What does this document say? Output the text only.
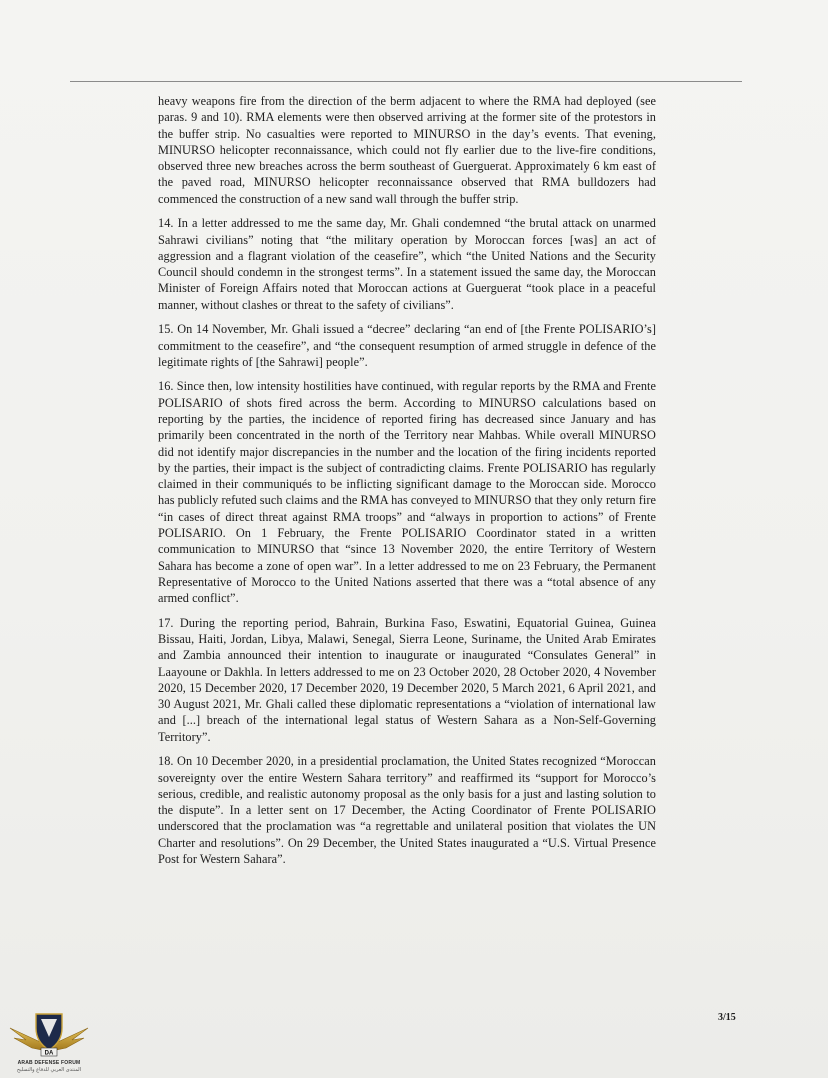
heavy weapons fire from the direction of the berm adjacent to where the RMA had deployed (see paras. 9 and 10). RMA elements were then observed arriving at the former site of the protestors in the buffer strip. No casualties were reported to MINURSO in the day’s events. That evening, MINURSO helicopter reconnaissance, which could not fly earlier due to the live-fire conditions, observed three new breaches across the berm southeast of Guerguerat. Approximately 6 km east of the paved road, MINURSO helicopter reconnaissance observed that RMA bulldozers had commenced the construction of a new sand wall through the buffer strip.

14. In a letter addressed to me the same day, Mr. Ghali condemned “the brutal attack on unarmed Sahrawi civilians” noting that “the military operation by Moroccan forces [was] an act of aggression and a flagrant violation of the ceasefire”, which “the United Nations and the Security Council should condemn in the strongest terms”. In a statement issued the same day, the Moroccan Minister of Foreign Affairs noted that Moroccan actions at Guerguerat “took place in a peaceful manner, without clashes or threat to the safety of civilians”.

15. On 14 November, Mr. Ghali issued a “decree” declaring “an end of [the Frente POLISARIO’s] commitment to the ceasefire”, and “the consequent resumption of armed struggle in defence of the legitimate rights of [the Sahrawi] people”.

16. Since then, low intensity hostilities have continued, with regular reports by the RMA and Frente POLISARIO of shots fired across the berm. According to MINURSO calculations based on reporting by the parties, the incidence of reported firing has decreased since January and has primarily been concentrated in the north of the Territory near Mahbas. While overall MINURSO did not identify major discrepancies in the number and the location of the firing incidents reported by the parties, their impact is the subject of contradicting claims. Frente POLISARIO has regularly claimed in their communiqués to be inflicting significant damage to the Moroccan side. Morocco has publicly refuted such claims and the RMA has conveyed to MINURSO that they only return fire “in cases of direct threat against RMA troops” and “always in proportion to actions” of Frente POLISARIO. On 1 February, the Frente POLISARIO Coordinator stated in a written communication to MINURSO that “since 13 November 2020, the entire Territory of Western Sahara has become a zone of open war”. In a letter addressed to me on 23 February, the Permanent Representative of Morocco to the United Nations asserted that there was a “total absence of any armed conflict”.

17. During the reporting period, Bahrain, Burkina Faso, Eswatini, Equatorial Guinea, Guinea Bissau, Haiti, Jordan, Libya, Malawi, Senegal, Sierra Leone, Suriname, the United Arab Emirates and Zambia announced their intention to inaugurate or inaugurated “Consulates General” in Laayoune or Dakhla. In letters addressed to me on 23 October 2020, 28 October 2020, 4 November 2020, 15 December 2020, 17 December 2020, 19 December 2020, 5 March 2021, 6 April 2021, and 30 August 2021, Mr. Ghali called these diplomatic representations a “violation of international law and [...] breach of the international legal status of Western Sahara as a Non-Self-Governing Territory”.

18. On 10 December 2020, in a presidential proclamation, the United States recognized “Moroccan sovereignty over the entire Western Sahara territory” and reaffirmed its “support for Morocco’s serious, credible, and realistic autonomy proposal as the only basis for a just and lasting solution to the dispute”. In a letter sent on 17 December, the Acting Coordinator of Frente POLISARIO underscored that the proclamation was “a regrettable and unilateral position that violates the UN Charter and resolutions”. On 29 December, the United States inaugurated a “U.S. Virtual Presence Post for Western Sahara”.

3/15
DA
ARAB DEFENSE FORUM
المنتدى العربي للدفاع والتسليح
